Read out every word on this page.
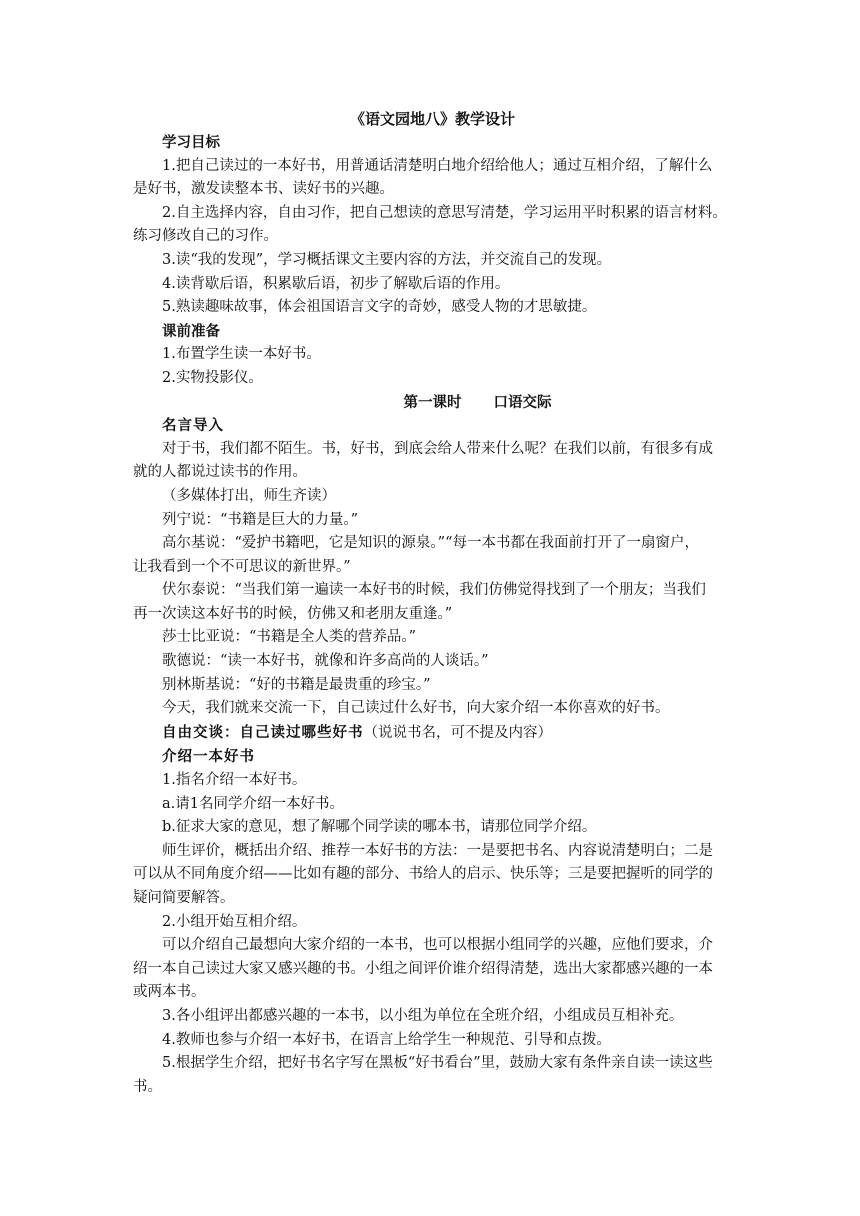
《语文园地八》教学设计
学习目标
1.把自己读过的一本好书，用普通话清楚明白地介绍给他人；通过互相介绍，了解什么
是好书，激发读整本书、读好书的兴趣。
2.自主选择内容，自由习作，把自己想读的意思写清楚，学习运用平时积累的语言材料。
练习修改自己的习作。
3.读“我的发现”，学习概括课文主要内容的方法，并交流自己的发现。
4.读背歇后语，积累歇后语，初步了解歇后语的作用。
5.熟读趣味故事，体会祖国语言文字的奇妙，感受人物的才思敏捷。
课前准备
1.布置学生读一本好书。
2.实物投影仪。
第一课时 口语交际
名言导入
对于书，我们都不陌生。书，好书，到底会给人带来什么呢？在我们以前，有很多有成
就的人都说过读书的作用。
（多媒体打出，师生齐读）
列宁说：“书籍是巨大的力量。”
高尔基说：“爱护书籍吧，它是知识的源泉。”“每一本书都在我面前打开了一扇窗户，
让我看到一个不可思议的新世界。”
伏尔泰说：“当我们第一遍读一本好书的时候，我们仿佛觉得找到了一个朋友；当我们
再一次读这本好书的时候，仿佛又和老朋友重逢。”
莎士比亚说：“书籍是全人类的营养品。”
歌德说：“读一本好书，就像和许多高尚的人谈话。”
别林斯基说：“好的书籍是最贵重的珍宝。”
今天，我们就来交流一下，自己读过什么好书，向大家介绍一本你喜欢的好书。
自由交谈：自己读过哪些好书（说说书名，可不提及内容）
介绍一本好书
1.指名介绍一本好书。
a.请1名同学介绍一本好书。
b.征求大家的意见，想了解哪个同学读的哪本书，请那位同学介绍。
师生评价，概括出介绍、推荐一本好书的方法：一是要把书名、内容说清楚明白；二是
可以从不同角度介绍——比如有趣的部分、书给人的启示、快乐等；三是要把握听的同学的
疑问简要解答。
2.小组开始互相介绍。
可以介绍自己最想向大家介绍的一本书，也可以根据小组同学的兴趣，应他们要求，介
绍一本自己读过大家又感兴趣的书。小组之间评价谁介绍得清楚，选出大家都感兴趣的一本
或两本书。
3.各小组评出都感兴趣的一本书，以小组为单位在全班介绍，小组成员互相补充。
4.教师也参与介绍一本好书，在语言上给学生一种规范、引导和点拨。
5.根据学生介绍，把好书名字写在黑板“好书看台”里，鼓励大家有条件亲自读一读这些
书。
